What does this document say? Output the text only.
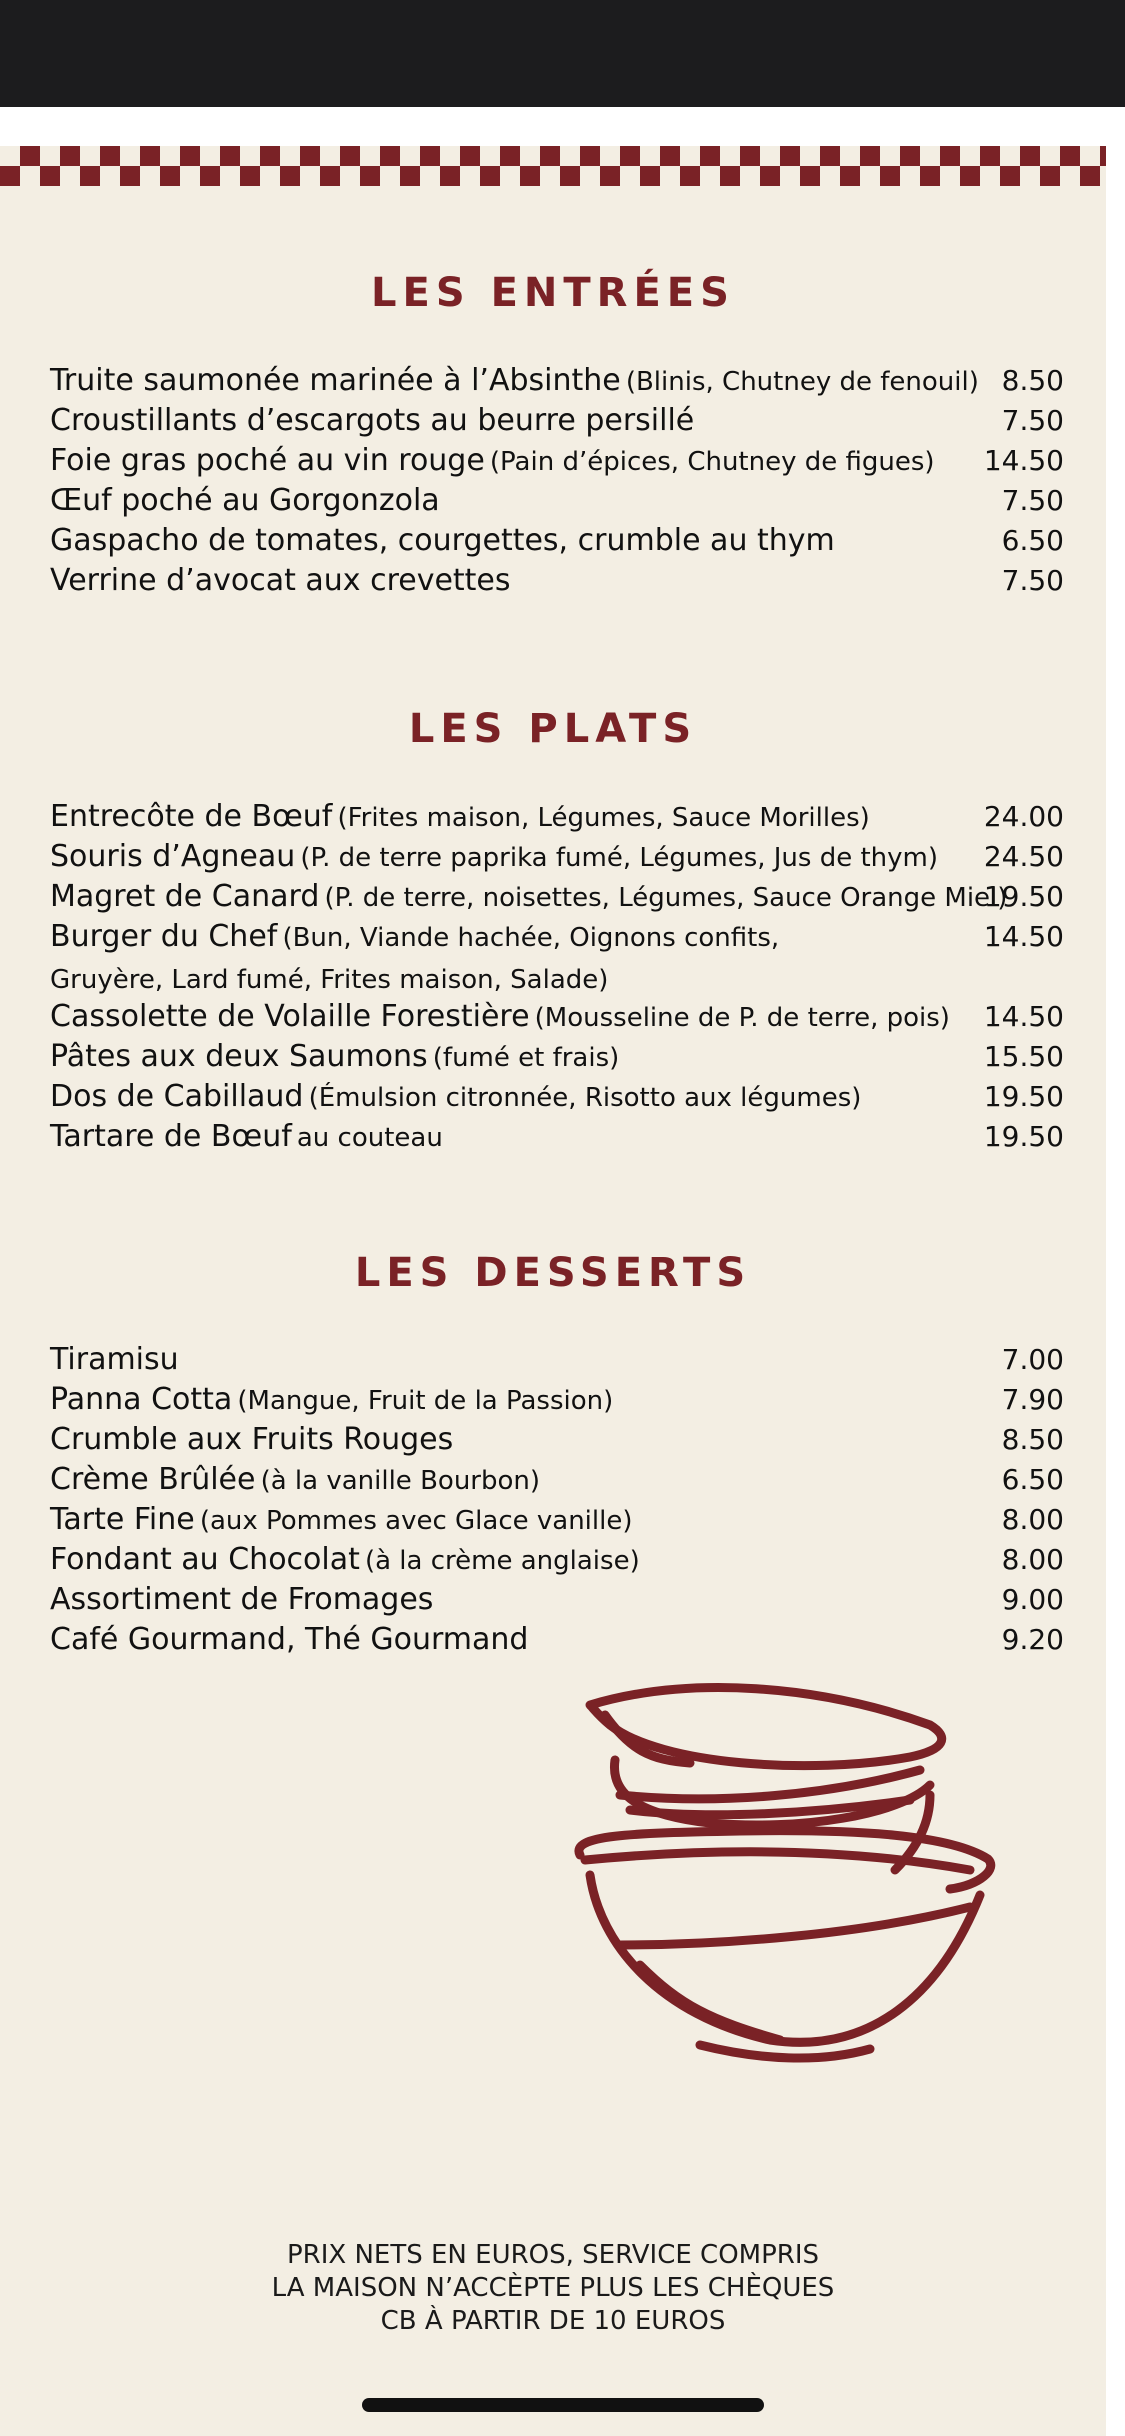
LES ENTRÉES
Truite saumonée marinée à l’Absinthe (Blinis, Chutney de fenouil) 8.50
Croustillants d’escargots au beurre persillé	7.50
Foie gras poché au vin rouge (Pain d’épices, Chutney de figues) 14.50
Œuf poché au Gorgonzola	7.50
Gaspacho de tomates, courgettes, crumble au thym	6.50
Verrine d’avocat aux crevettes	7.50
LES PLATS
Entrecôte de Bœuf (Frites maison, Légumes, Sauce Morilles)	24.00
Souris d’Agneau (P. de terre paprika fumé, Légumes, Jus de thym) 24.50
Magret de Canard (P. de terre, noisettes, Légumes, Sauce Orange Miel)
19.50
Burger du Chef (Bun, Viande hachée, Oignons confits,
Gruyère, Lard fumé, Frites maison, Salade)
14.50
Cassolette de Volaille Forestière (Mousseline de P. de terre, pois) 14.50
Pâtes aux deux Saumons (fumé et frais)	15.50
Dos de Cabillaud (Émulsion citronnée, Risotto aux légumes)	19.50
Tartare de Bœuf au couteau	19.50
LES DESSERTS
Tiramisu	7.00
Panna Cotta (Mangue, Fruit de la Passion)	7.90
Crumble aux Fruits Rouges	8.50
Crème Brûlée (à la vanille Bourbon)	6.50
Tarte Fine (aux Pommes avec Glace vanille)	8.00
Fondant au Chocolat (à la crème anglaise)	8.00
Assortiment de Fromages	9.00
Café Gourmand, Thé Gourmand	9.20
PRIX NETS EN EUROS, SERVICE COMPRIS
LA MAISON N’ACCÈPTE PLUS LES CHÈQUES
CB À PARTIR DE 10 EUROS
